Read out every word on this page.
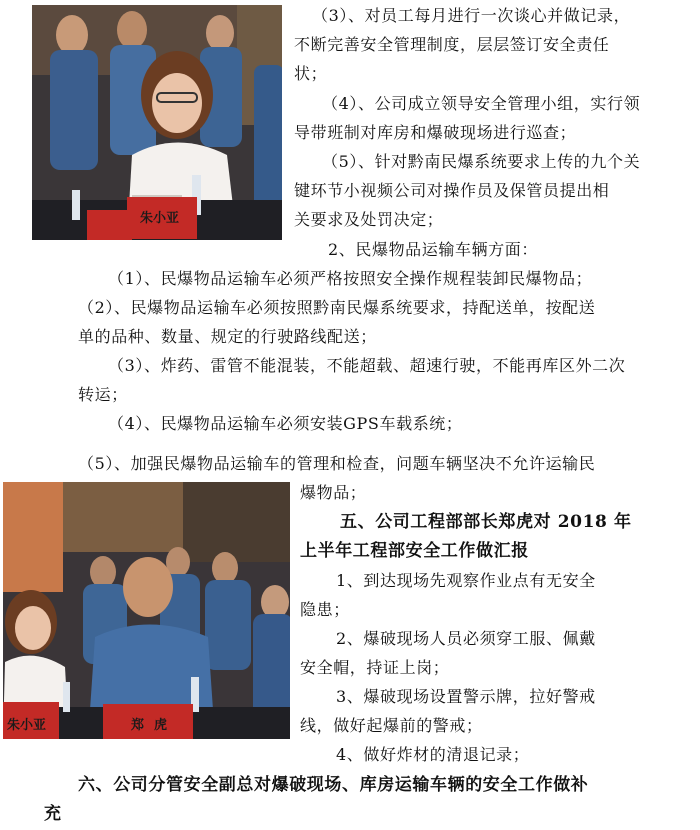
朱小亚
（3）、对员工每月进行一次谈心并做记录，
不断完善安全管理制度，层层签订安全责任
状；
（4）、公司成立领导安全管理小组，实行领
导带班制对库房和爆破现场进行巡查；
（5）、针对黔南民爆系统要求上传的九个关
键环节小视频公司对操作员及保管员提出相
关要求及处罚决定；
2、民爆物品运输车辆方面：
（1）、民爆物品运输车必须严格按照安全操作规程装卸民爆物品；
（2）、民爆物品运输车必须按照黔南民爆系统要求，持配送单，按配送
单的品种、数量、规定的行驶路线配送；
（3）、炸药、雷管不能混装，不能超载、超速行驶，不能再库区外二次
转运；
（4）、民爆物品运输车必须安装GPS车载系统；
（5）、加强民爆物品运输车的管理和检查，问题车辆坚决不允许运输民
爆物品；
朱小亚	郑虎
五、公司工程部部长郑虎对 2018 年
上半年工程部安全工作做汇报
1、到达现场先观察作业点有无安全
隐患；
2、爆破现场人员必须穿工服、佩戴
安全帽，持证上岗；
3、爆破现场设置警示牌，拉好警戒
线，做好起爆前的警戒；
4、做好炸材的清退记录；
六、公司分管安全副总对爆破现场、库房运输车辆的安全工作做补
充
